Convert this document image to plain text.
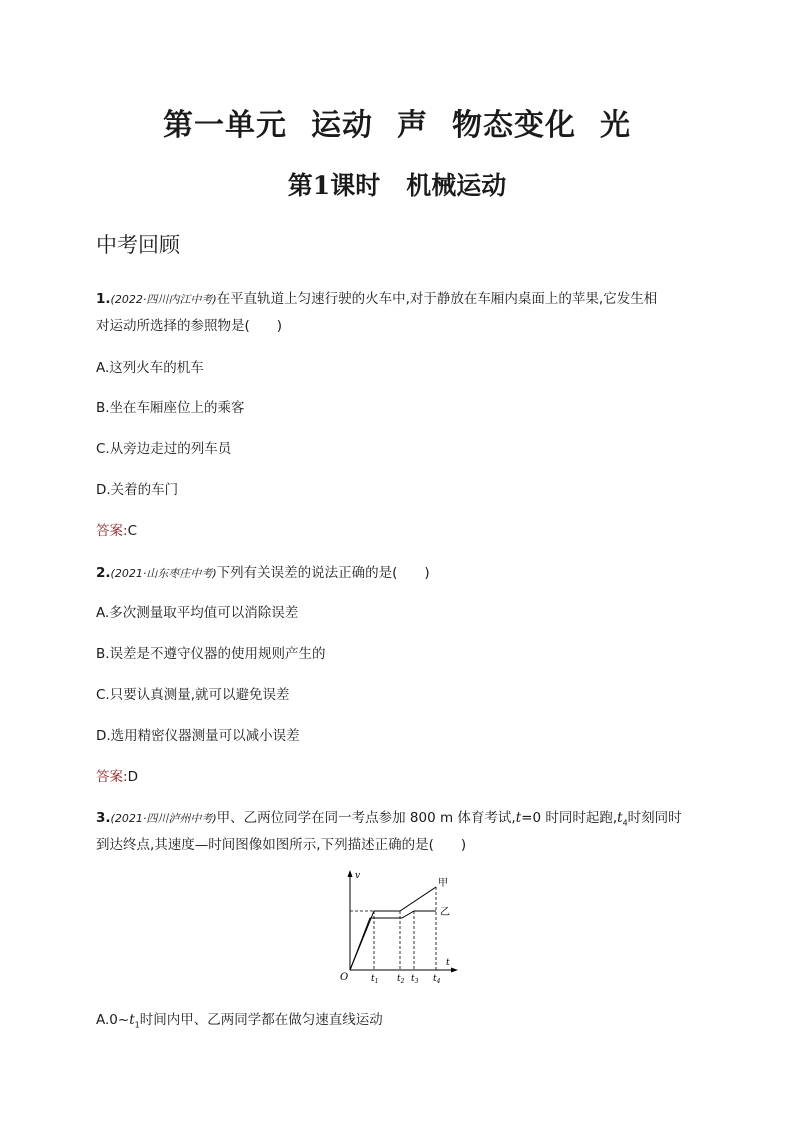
第一单元 运动 声 物态变化 光
第1课时 机械运动
中考回顾
1.(2022·四川内江中考)在平直轨道上匀速行驶的火车中,对于静放在车厢内桌面上的苹果,它发生相
对运动所选择的参照物是(　　)
A.这列火车的机车
B.坐在车厢座位上的乘客
C.从旁边走过的列车员
D.关着的车门
答案:C
2.(2021·山东枣庄中考)下列有关误差的说法正确的是(　　)
A.多次测量取平均值可以消除误差
B.误差是不遵守仪器的使用规则产生的
C.只要认真测量,就可以避免误差
D.选用精密仪器测量可以减小误差
答案:D
3.(2021·四川泸州中考)甲、乙两位同学在同一考点参加 800 m 体育考试,t=0 时同时起跑$,t_4$时刻同时
到达终点,其速度—时间图像如图所示,下列描述正确的是(　　)
v
t
O
甲
乙
$t_1$ $t_2$ $t_3$ $t_4$
$A.0\sim t_1$时间内甲、乙两同学都在做匀速直线运动
